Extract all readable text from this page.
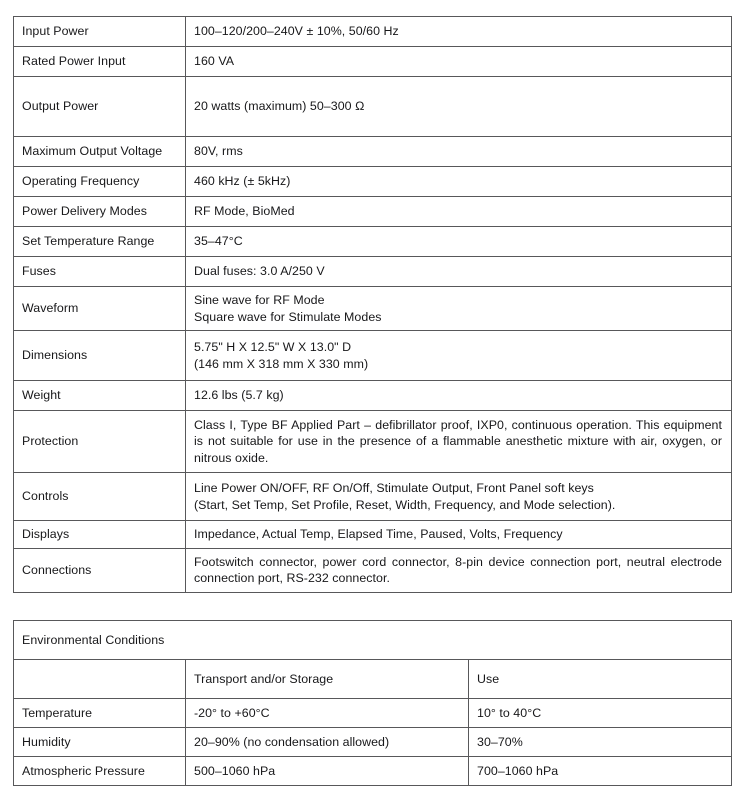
Input Power	100–120/200–240V ± 10%, 50/60 Hz

Rated Power Input	160 VA

Output Power	20 watts (maximum) 50–300 Ω

Maximum Output Voltage	80V, rms

Operating Frequency	460 kHz (± 5kHz)

Power Delivery Modes	RF Mode, BioMed

Set Temperature Range	35–47°C

Fuses	Dual fuses: 3.0 A/250 V

Waveform	Sine wave for RF Mode
Square wave for Stimulate Modes

Dimensions	5.75" H X 12.5" W X 13.0" D
(146 mm X 318 mm X 330 mm)

Weight	12.6 lbs (5.7 kg)

Protection	Class I, Type BF Applied Part – defibrillator proof, IXP0, continuous operation. This equipment is not suitable for use in the presence of a flammable anesthetic mixture with air, oxygen, or nitrous oxide.

Controls	Line Power ON/OFF, RF On/Off, Stimulate Output, Front Panel soft keys
(Start, Set Temp, Set Profile, Reset, Width, Frequency, and Mode selection).

Displays	Impedance, Actual Temp, Elapsed Time, Paused, Volts, Frequency

Connections	Footswitch connector, power cord connector, 8-pin device connection port, neutral electrode connection port, RS-232 connector.
Environmental Conditions		
	Transport and/or Storage	Use
Temperature	-20° to +60°C	10° to 40°C
Humidity	20–90% (no condensation allowed)	30–70%
Atmospheric Pressure	500–1060 hPa	700–1060 hPa
